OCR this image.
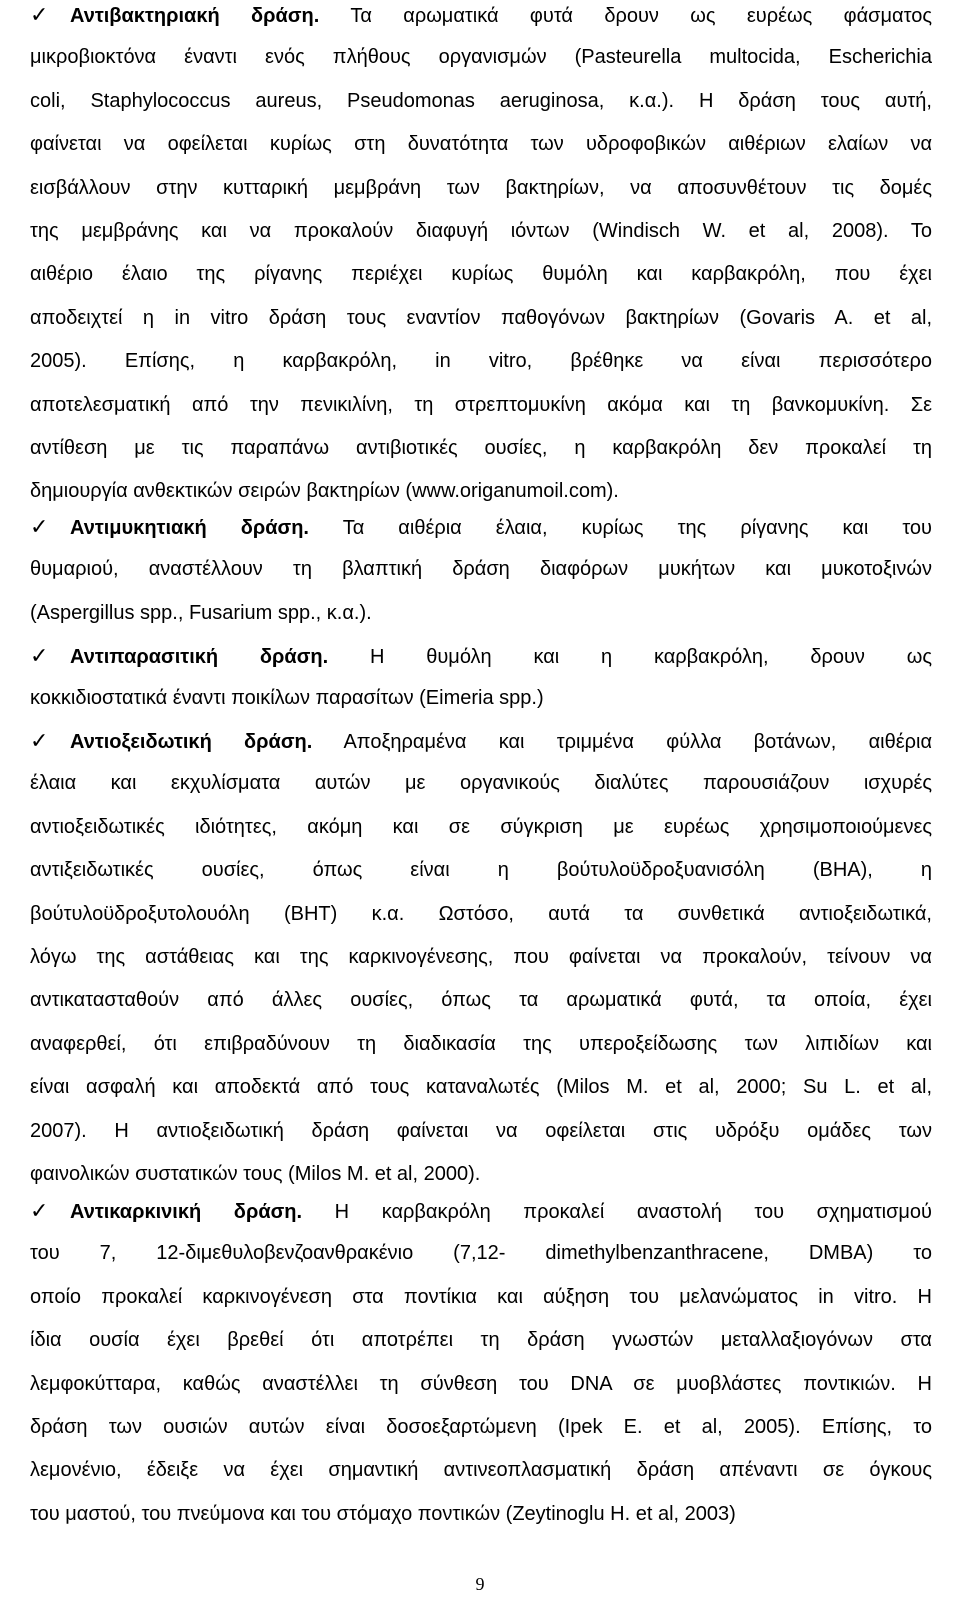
✓ Αντιβακτηριακή δράση. Τα αρωματικά φυτά δρουν ως ευρέως φάσματος
μικροβιοκτόνα έναντι ενός πλήθους οργανισμών (Pasteurella multocida, Escherichia
coli, Staphylococcus aureus, Pseudomonas aeruginosa, κ.α.). Η δράση τους αυτή,
φαίνεται να οφείλεται κυρίως στη δυνατότητα των υδροφοβικών αιθέριων ελαίων να
εισβάλλουν στην κυτταρική μεμβράνη των βακτηρίων, να αποσυνθέτουν τις δομές
της μεμβράνης και να προκαλούν διαφυγή ιόντων (Windisch W. et al, 2008). Το
αιθέριο έλαιο της ρίγανης περιέχει κυρίως θυμόλη και καρβακρόλη, που έχει
αποδειχτεί η in vitro δράση τους εναντίον παθογόνων βακτηρίων (Govaris A. et al,
2005). Επίσης, η καρβακρόλη, in vitro, βρέθηκε να είναι περισσότερο
αποτελεσματική από την πενικιλίνη, τη στρεπτομυκίνη ακόμα και τη βανκομυκίνη. Σε
αντίθεση με τις παραπάνω αντιβιοτικές ουσίες, η καρβακρόλη δεν προκαλεί τη
δημιουργία ανθεκτικών σειρών βακτηρίων (www.origanumoil.com).
✓ Αντιμυκητιακή δράση. Τα αιθέρια έλαια, κυρίως της ρίγανης και του
θυμαριού, αναστέλλουν τη βλαπτική δράση διαφόρων μυκήτων και μυκοτοξινών
(Aspergillus spp., Fusarium spp., κ.α.).
✓ Αντιπαρασιτική δράση. Η θυμόλη και η καρβακρόλη, δρουν ως
κοκκιδιοστατικά έναντι ποικίλων παρασίτων (Eimeria spp.)
✓ Αντιοξειδωτική δράση. Αποξηραμένα και τριμμένα φύλλα βοτάνων, αιθέρια
έλαια και εκχυλίσματα αυτών με οργανικούς διαλύτες παρουσιάζουν ισχυρές
αντιοξειδωτικές ιδιότητες, ακόμη και σε σύγκριση με ευρέως χρησιμοποιούμενες
αντιξειδωτικές ουσίες, όπως είναι η βούτυλοϋδροξυανισόλη (ΒΗΑ), η
βούτυλοϋδροξυτολουόλη (ΒΗΤ) κ.α. Ωστόσο, αυτά τα συνθετικά αντιοξειδωτικά,
λόγω της αστάθειας και της καρκινογένεσης, που φαίνεται να προκαλούν, τείνουν να
αντικατασταθούν από άλλες ουσίες, όπως τα αρωματικά φυτά, τα οποία, έχει
αναφερθεί, ότι επιβραδύνουν τη διαδικασία της υπεροξείδωσης των λιπιδίων και
είναι ασφαλή και αποδεκτά από τους καταναλωτές (Milos M. et al, 2000; Su L. et al,
2007). Η αντιοξειδωτική δράση φαίνεται να οφείλεται στις υδρόξυ ομάδες των
φαινολικών συστατικών τους (Milos M. et al, 2000).
✓ Αντικαρκινική δράση. Η καρβακρόλη προκαλεί αναστολή του σχηματισμού
του 7, 12-διμεθυλοβενζοανθρακένιο (7,12- dimethylbenzanthracene, DMBA) το
οποίο προκαλεί καρκινογένεση στα ποντίκια και αύξηση του μελανώματος in vitro. Η
ίδια ουσία έχει βρεθεί ότι αποτρέπει τη δράση γνωστών μεταλλαξιογόνων στα
λεμφοκύτταρα, καθώς αναστέλλει τη σύνθεση του DNA σε μυοβλάστες ποντικιών. Η
δράση των ουσιών αυτών είναι δοσοεξαρτώμενη (Ipek E. et al, 2005). Επίσης, το
λεμονένιο, έδειξε να έχει σημαντική αντινεοπλασματική δράση απέναντι σε όγκους
του μαστού, του πνεύμονα και του στόμαχο ποντικών (Zeytinoglu H. et al, 2003)
9
